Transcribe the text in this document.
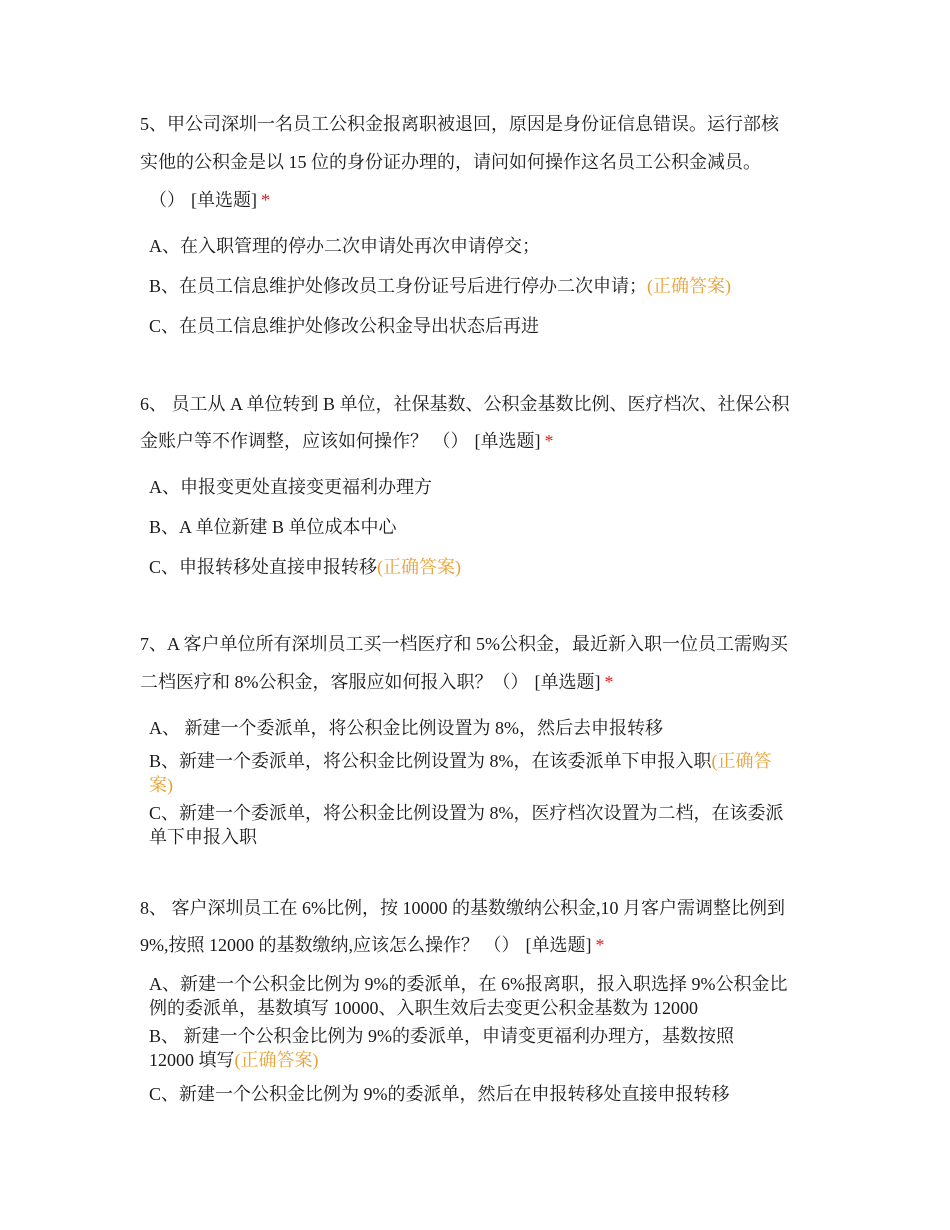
5、甲公司深圳一名员工公积金报离职被退回，原因是身份证信息错误。运行部核
实他的公积金是以 15 位的身份证办理的，请问如何操作这名员工公积金减员。
（） [单选题] *
A、在入职管理的停办二次申请处再次申请停交；
B、在员工信息维护处修改员工身份证号后进行停办二次申请；(正确答案)
C、在员工信息维护处修改公积金导出状态后再进
6、 员工从 A 单位转到 B 单位，社保基数、公积金基数比例、医疗档次、社保公积
金账户等不作调整，应该如何操作？ （） [单选题] *
A、申报变更处直接变更福利办理方
B、A 单位新建 B 单位成本中心
C、申报转移处直接申报转移(正确答案)
7、A 客户单位所有深圳员工买一档医疗和 5%公积金，最近新入职一位员工需购买
二档医疗和 8%公积金，客服应如何报入职？（） [单选题] *
A、 新建一个委派单，将公积金比例设置为 8%，然后去申报转移
B、新建一个委派单，将公积金比例设置为 8%，在该委派单下申报入职(正确答案)
C、新建一个委派单，将公积金比例设置为 8%，医疗档次设置为二档，在该委派单下申报入职
8、 客户深圳员工在 6%比例，按 10000 的基数缴纳公积金,10 月客户需调整比例到
9%,按照 12000 的基数缴纳,应该怎么操作？ （） [单选题] *
A、新建一个公积金比例为 9%的委派单，在 6%报离职，报入职选择 9%公积金比例的委派单，基数填写 10000、入职生效后去变更公积金基数为 12000
B、 新建一个公积金比例为 9%的委派单，申请变更福利办理方，基数按照 12000 填写(正确答案)
C、新建一个公积金比例为 9%的委派单，然后在申报转移处直接申报转移
